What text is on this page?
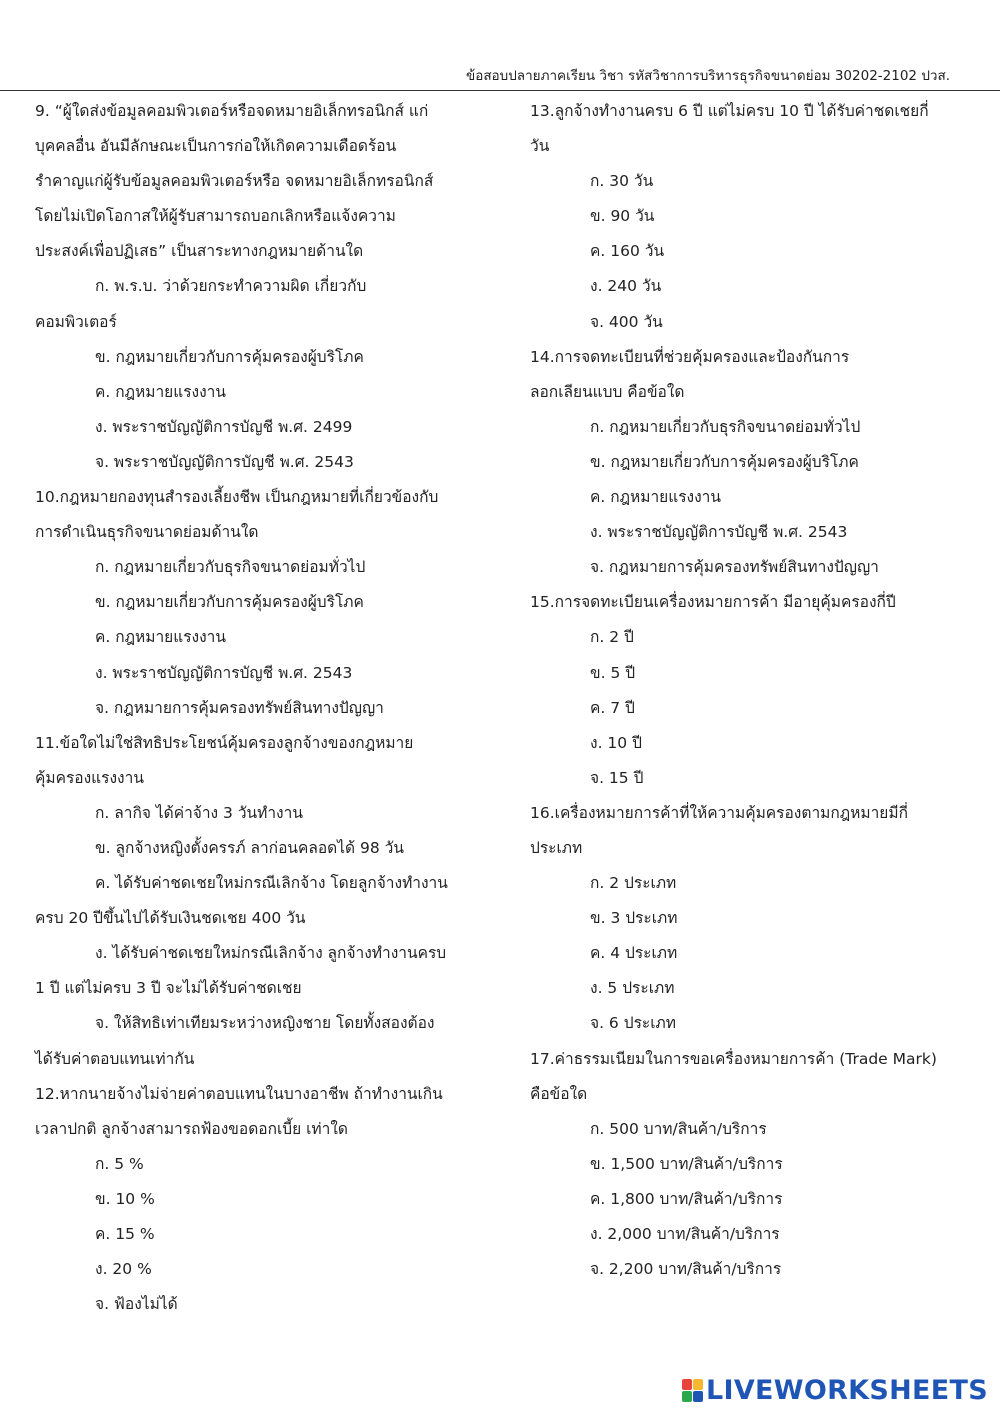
ข้อสอบปลายภาคเรียน วิชา รหัสวิชาการบริหารธุรกิจขนาดย่อม 30202-2102 ปวส.
9. “ผู้ใดส่งข้อมูลคอมพิวเตอร์หรือจดหมายอิเล็กทรอนิกส์ แก่
บุคคลอื่น อันมีลักษณะเป็นการก่อให้เกิดความเดือดร้อน
รำคาญแก่ผู้รับข้อมูลคอมพิวเตอร์หรือ จดหมายอิเล็กทรอนิกส์
โดยไม่เปิดโอกาสให้ผู้รับสามารถบอกเลิกหรือแจ้งความ
ประสงค์เพื่อปฏิเสธ” เป็นสาระทางกฎหมายด้านใด
ก. พ.ร.บ. ว่าด้วยกระทำความผิด เกี่ยวกับ
คอมพิวเตอร์
ข. กฎหมายเกี่ยวกับการคุ้มครองผู้บริโภค
ค. กฎหมายแรงงาน
ง. พระราชบัญญัติการบัญชี พ.ศ. 2499
จ. พระราชบัญญัติการบัญชี พ.ศ. 2543
10.กฎหมายกองทุนสำรองเลี้ยงชีพ เป็นกฎหมายที่เกี่ยวข้องกับ
การดำเนินธุรกิจขนาดย่อมด้านใด
ก. กฎหมายเกี่ยวกับธุรกิจขนาดย่อมทั่วไป
ข. กฎหมายเกี่ยวกับการคุ้มครองผู้บริโภค
ค. กฎหมายแรงงาน
ง. พระราชบัญญัติการบัญชี พ.ศ. 2543
จ. กฎหมายการคุ้มครองทรัพย์สินทางปัญญา
11.ข้อใดไม่ใช่สิทธิประโยชน์คุ้มครองลูกจ้างของกฎหมาย
คุ้มครองแรงงาน
ก. ลากิจ ได้ค่าจ้าง 3 วันทำงาน
ข. ลูกจ้างหญิงตั้งครรภ์ ลาก่อนคลอดได้ 98 วัน
ค. ได้รับค่าชดเชยใหม่กรณีเลิกจ้าง โดยลูกจ้างทำงาน
ครบ 20 ปีขึ้นไปได้รับเงินชดเชย 400 วัน
ง. ได้รับค่าชดเชยใหม่กรณีเลิกจ้าง ลูกจ้างทำงานครบ
1 ปี แต่ไม่ครบ 3 ปี จะไม่ได้รับค่าชดเชย
จ. ให้สิทธิเท่าเทียมระหว่างหญิงชาย โดยทั้งสองต้อง
ได้รับค่าตอบแทนเท่ากัน
12.หากนายจ้างไม่จ่ายค่าตอบแทนในบางอาชีพ ถ้าทำงานเกิน
เวลาปกติ ลูกจ้างสามารถฟ้องขอดอกเบี้ย เท่าใด
ก. 5 %
ข. 10 %
ค. 15 %
ง. 20 %
จ. ฟ้องไม่ได้
13.ลูกจ้างทำงานครบ 6 ปี แต่ไม่ครบ 10 ปี ได้รับค่าชดเชยกี่
วัน
ก. 30 วัน
ข. 90 วัน
ค. 160 วัน
ง. 240 วัน
จ. 400 วัน
14.การจดทะเบียนที่ช่วยคุ้มครองและป้องกันการ
ลอกเลียนแบบ คือข้อใด
ก. กฎหมายเกี่ยวกับธุรกิจขนาดย่อมทั่วไป
ข. กฎหมายเกี่ยวกับการคุ้มครองผู้บริโภค
ค. กฎหมายแรงงาน
ง. พระราชบัญญัติการบัญชี พ.ศ. 2543
จ. กฎหมายการคุ้มครองทรัพย์สินทางปัญญา
15.การจดทะเบียนเครื่องหมายการค้า มีอายุคุ้มครองกี่ปี
ก. 2 ปี
ข. 5 ปี
ค. 7 ปี
ง. 10 ปี
จ. 15 ปี
16.เครื่องหมายการค้าที่ให้ความคุ้มครองตามกฎหมายมีกี่
ประเภท
ก. 2 ประเภท
ข. 3 ประเภท
ค. 4 ประเภท
ง. 5 ประเภท
จ. 6 ประเภท
17.ค่าธรรมเนียมในการขอเครื่องหมายการค้า (Trade Mark)
คือข้อใด
ก. 500 บาท/สินค้า/บริการ
ข. 1,500 บาท/สินค้า/บริการ
ค. 1,800 บาท/สินค้า/บริการ
ง. 2,000 บาท/สินค้า/บริการ
จ. 2,200 บาท/สินค้า/บริการ
LIVEWORKSHEETS
